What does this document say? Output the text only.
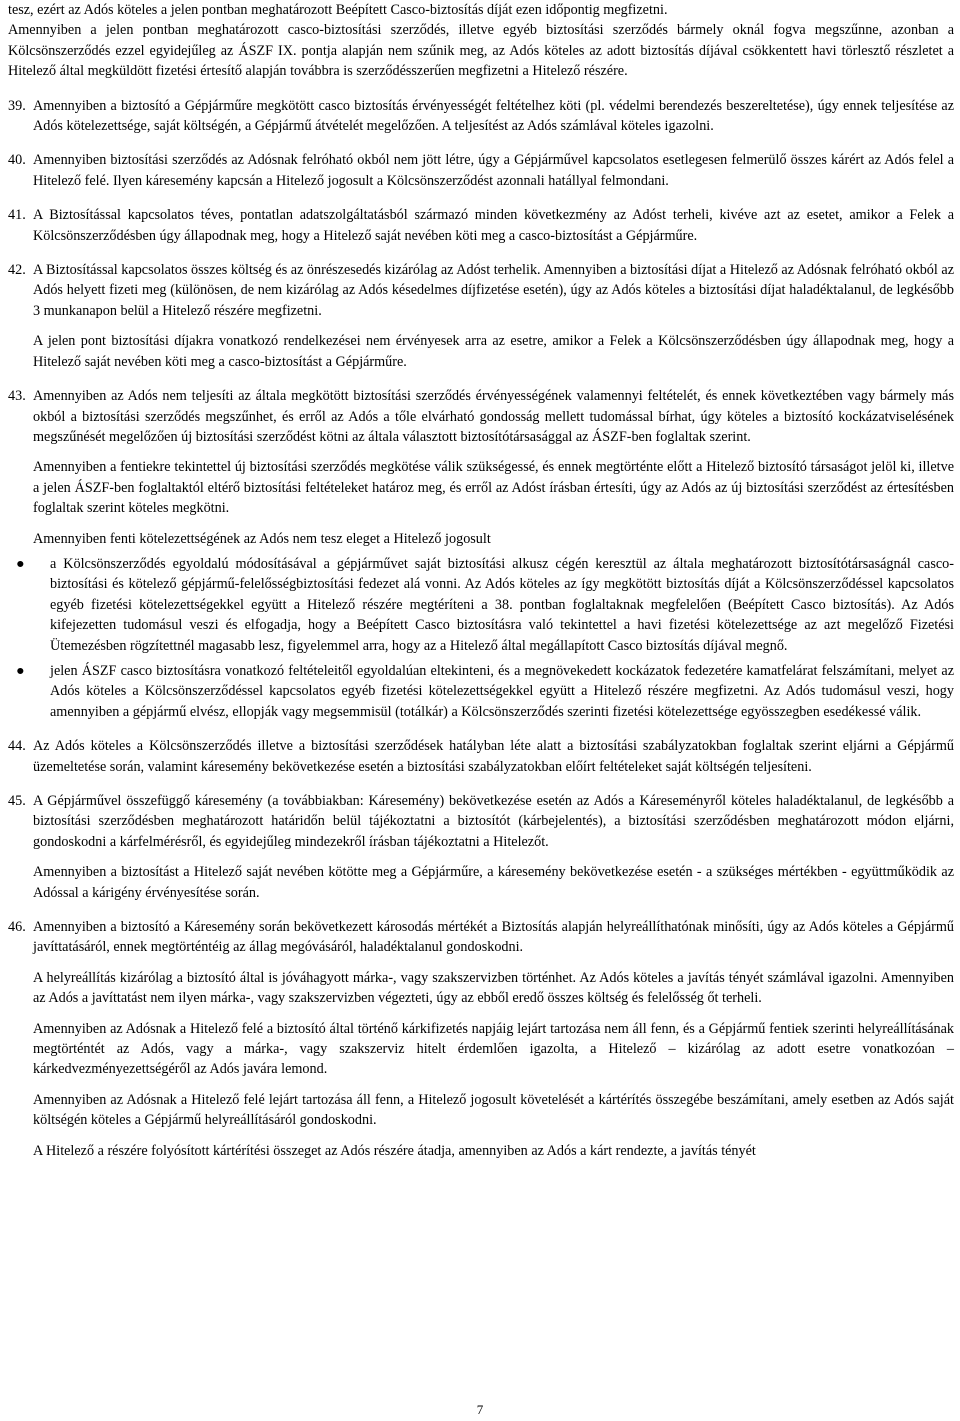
tesz, ezért az Adós köteles a jelen pontban meghatározott Beépített Casco-biztosítás díját ezen időpontig megfizetni.

Amennyiben a jelen pontban meghatározott casco-biztosítási szerződés, illetve egyéb biztosítási szerződés bármely oknál fogva megszűnne, azonban a Kölcsönszerződés ezzel egyidejűleg az ÁSZF IX. pontja alapján nem szűnik meg, az Adós köteles az adott biztosítás díjával csökkentett havi törlesztő részletet a Hitelező által megküldött fizetési értesítő alapján továbbra is szerződésszerűen megfizetni a Hitelező részére.

39. Amennyiben a biztosító a Gépjárműre megkötött casco biztosítás érvényességét feltételhez köti (pl. védelmi berendezés beszereltetése), úgy ennek teljesítése az Adós kötelezettsége, saját költségén, a Gépjármű átvételét megelőzően. A teljesítést az Adós számlával köteles igazolni.

40. Amennyiben biztosítási szerződés az Adósnak felróható okból nem jött létre, úgy a Gépjárművel kapcsolatos esetlegesen felmerülő összes kárért az Adós felel a Hitelező felé. Ilyen káresemény kapcsán a Hitelező jogosult a Kölcsönszerződést azonnali hatállyal felmondani.

41. A Biztosítással kapcsolatos téves, pontatlan adatszolgáltatásból származó minden következmény az Adóst terheli, kivéve azt az esetet, amikor a Felek a Kölcsönszerződésben úgy állapodnak meg, hogy a Hitelező saját nevében köti meg a casco-biztosítást a Gépjárműre.

42. A Biztosítással kapcsolatos összes költség és az önrészesedés kizárólag az Adóst terhelik. Amennyiben a biztosítási díjat a Hitelező az Adósnak felróható okból az Adós helyett fizeti meg (különösen, de nem kizárólag az Adós késedelmes díjfizetése esetén), úgy az Adós köteles a biztosítási díjat haladéktalanul, de legkésőbb 3 munkanapon belül a Hitelező részére megfizetni.

A jelen pont biztosítási díjakra vonatkozó rendelkezései nem érvényesek arra az esetre, amikor a Felek a Kölcsönszerződésben úgy állapodnak meg, hogy a Hitelező saját nevében köti meg a casco-biztosítást a Gépjárműre.

43. Amennyiben az Adós nem teljesíti az általa megkötött biztosítási szerződés érvényességének valamennyi feltételét, és ennek következtében vagy bármely más okból a biztosítási szerződés megszűnhet, és erről az Adós a tőle elvárható gondosság mellett tudomással bírhat, úgy köteles a biztosító kockázatviselésének megszűnését megelőzően új biztosítási szerződést kötni az általa választott biztosítótársasággal az ÁSZF-ben foglaltak szerint.

Amennyiben a fentiekre tekintettel új biztosítási szerződés megkötése válik szükségessé, és ennek megtörténte előtt a Hitelező biztosító társaságot jelöl ki, illetve a jelen ÁSZF-ben foglaltaktól eltérő biztosítási feltételeket határoz meg, és erről az Adóst írásban értesíti, úgy az Adós az új biztosítási szerződést az értesítésben foglaltak szerint köteles megkötni.

Amennyiben fenti kötelezettségének az Adós nem tesz eleget a Hitelező jogosult

●	a Kölcsönszerződés egyoldalú módosításával a gépjárművet saját biztosítási alkusz cégén keresztül az általa meghatározott biztosítótársaságnál casco-biztosítási és kötelező gépjármű-felelősségbiztosítási fedezet alá vonni. Az Adós köteles az így megkötött biztosítás díját a Kölcsönszerződéssel kapcsolatos egyéb fizetési kötelezettségekkel együtt a Hitelező részére megtéríteni a 38. pontban foglaltaknak megfelelően (Beépített Casco biztosítás). Az Adós kifejezetten tudomásul veszi és elfogadja, hogy a Beépített Casco biztosításra való tekintettel a havi fizetési kötelezettsége az azt megelőző Fizetési Ütemezésben rögzítettnél magasabb lesz, figyelemmel arra, hogy az a Hitelező által megállapított Casco biztosítás díjával megnő.
●	jelen ÁSZF casco biztosításra vonatkozó feltételeitől egyoldalúan eltekinteni, és a megnövekedett kockázatok fedezetére kamatfelárat felszámítani, melyet az Adós köteles a Kölcsönszerződéssel kapcsolatos egyéb fizetési kötelezettségekkel együtt a Hitelező részére megfizetni. Az Adós tudomásul veszi, hogy amennyiben a gépjármű elvész, ellopják vagy megsemmisül (totálkár) a Kölcsönszerződés szerinti fizetési kötelezettsége egyösszegben esedékessé válik.
44. Az Adós köteles a Kölcsönszerződés illetve a biztosítási szerződések hatályban léte alatt a biztosítási szabályzatokban foglaltak szerint eljárni a Gépjármű üzemeltetése során, valamint káresemény bekövetkezése esetén a biztosítási szabályzatokban előírt feltételeket saját költségén teljesíteni.

45. A Gépjárművel összefüggő káresemény (a továbbiakban: Káresemény) bekövetkezése esetén az Adós a Káreseményről köteles haladéktalanul, de legkésőbb a biztosítási szerződésben meghatározott határidőn belül tájékoztatni a biztosítót (kárbejelentés), a biztosítási szerződésben meghatározott módon eljárni, gondoskodni a kárfelmérésről, és egyidejűleg mindezekről írásban tájékoztatni a Hitelezőt.

Amennyiben a biztosítást a Hitelező saját nevében kötötte meg a Gépjárműre, a káresemény bekövetkezése esetén - a szükséges mértékben - együttműködik az Adóssal a kárigény érvényesítése során.

46. Amennyiben a biztosító a Káresemény során bekövetkezett károsodás mértékét a Biztosítás alapján helyreállíthatónak minősíti, úgy az Adós köteles a Gépjármű javíttatásáról, ennek megtörténtéig az állag megóvásáról, haladéktalanul gondoskodni.

A helyreállítás kizárólag a biztosító által is jóváhagyott márka-, vagy szakszervizben történhet. Az Adós köteles a javítás tényét számlával igazolni. Amennyiben az Adós a javíttatást nem ilyen márka-, vagy szakszervizben végezteti, úgy az ebből eredő összes költség és felelősség őt terheli.

Amennyiben az Adósnak a Hitelező felé a biztosító által történő kárkifizetés napjáig lejárt tartozása nem áll fenn, és a Gépjármű fentiek szerinti helyreállításának megtörténtét az Adós, vagy a márka-, vagy szakszerviz hitelt érdemlően igazolta, a Hitelező – kizárólag az adott esetre vonatkozóan – kárkedvezményezettségéről az Adós javára lemond.

Amennyiben az Adósnak a Hitelező felé lejárt tartozása áll fenn, a Hitelező jogosult követelését a kártérítés összegébe beszámítani, amely esetben az Adós saját költségén köteles a Gépjármű helyreállításáról gondoskodni.

A Hitelező a részére folyósított kártérítési összeget az Adós részére átadja, amennyiben az Adós a kárt rendezte, a javítás tényét

7
